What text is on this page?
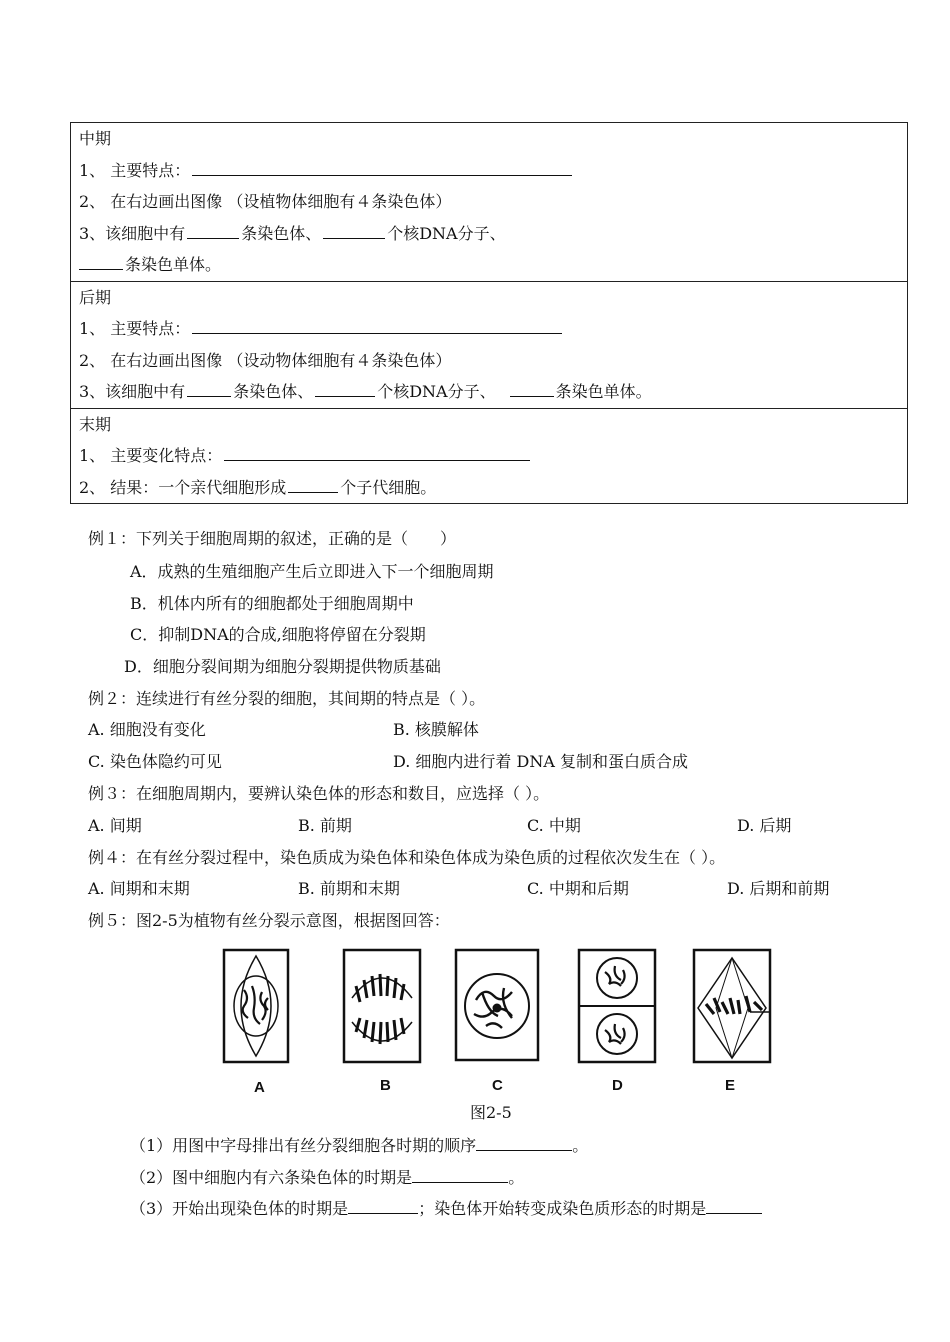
中期
1、 主要特点：
2、 在右边画出图像 （设植物体细胞有４条染色体）
3、该细胞中有	条染色体、	个核DNA分子、
条染色单体。
后期
1、 主要特点：
2、 在右边画出图像 （设动物体细胞有４条染色体）
3、该细胞中有	条染色体、	个核DNA分子、	条染色单体。
末期
1、 主要变化特点：
2、 结果：一个亲代细胞形成	个子代细胞。
例１：下列关于细胞周期的叙述，正确的是（　　）
A．成熟的生殖细胞产生后立即进入下一个细胞周期
B．机体内所有的细胞都处于细胞周期中
C．抑制DNA的合成,细胞将停留在分裂期
D．细胞分裂间期为细胞分裂期提供物质基础
例２：连续进行有丝分裂的细胞，其间期的特点是（ ）。
A. 细胞没有变化	B. 核膜解体
C. 染色体隐约可见	D. 细胞内进行着 DNA 复制和蛋白质合成
例３：在细胞周期内，要辨认染色体的形态和数目，应选择（ ）。
A. 间期	B. 前期	C. 中期	D. 后期
例４：在有丝分裂过程中，染色质成为染色体和染色体成为染色质的过程依次发生在（ ）。
A. 间期和末期	B. 前期和末期	C. 中期和后期	D. 后期和前期
例５：图2-5为植物有丝分裂示意图，根据图回答：
A	B	C	D	E
图2-5
（1）用图中字母排出有丝分裂细胞各时期的顺序	。
（2）图中细胞内有六条染色体的时期是	。
（3）开始出现染色体的时期是	；染色体开始转变成染色质形态的时期是
